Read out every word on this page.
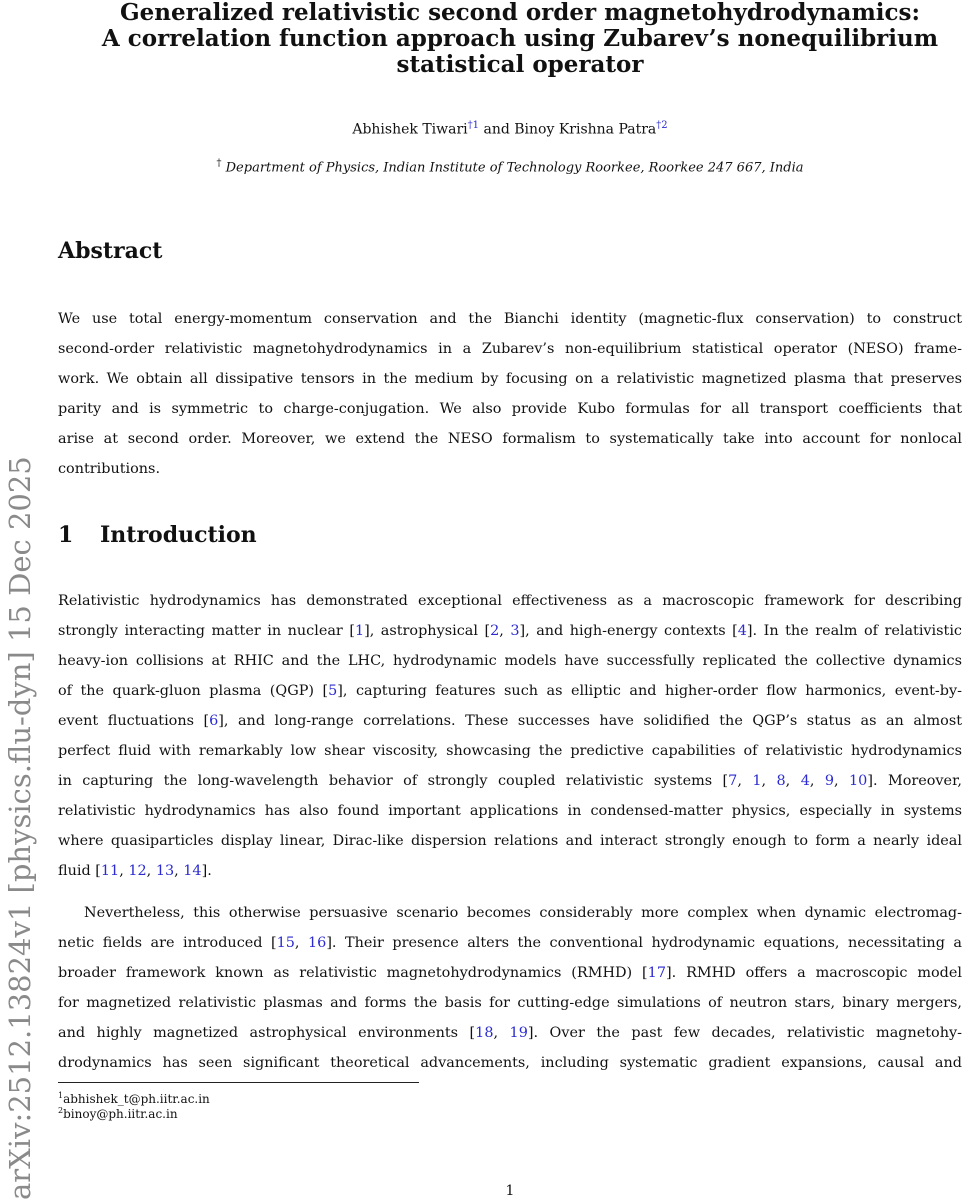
arXiv:2512.13824v1 [physics.flu-dyn] 15 Dec 2025
Generalized relativistic second order magnetohydrodynamics:
A correlation function approach using Zubarev’s nonequilibrium
statistical operator
Abhishek Tiwari$^{\dagger 1}$ and Binoy Krishna Patra$^{\dagger 2}$
† Department of Physics, Indian Institute of Technology Roorkee, Roorkee 247 667, India
Abstract
We use total energy-momentum conservation and the Bianchi identity (magnetic-flux conservation) to construct
second-order relativistic magnetohydrodynamics in a Zubarev’s non-equilibrium statistical operator (NESO) frame-
work. We obtain all dissipative tensors in the medium by focusing on a relativistic magnetized plasma that preserves
parity and is symmetric to charge-conjugation. We also provide Kubo formulas for all transport coefficients that
arise at second order. Moreover, we extend the NESO formalism to systematically take into account for nonlocal
contributions.
1 Introduction
Relativistic hydrodynamics has demonstrated exceptional effectiveness as a macroscopic framework for describing
strongly interacting matter in nuclear [1], astrophysical [2, 3], and high-energy contexts [4]. In the realm of relativistic
heavy-ion collisions at RHIC and the LHC, hydrodynamic models have successfully replicated the collective dynamics
of the quark-gluon plasma (QGP) [5], capturing features such as elliptic and higher-order flow harmonics, event-by-
event fluctuations [6], and long-range correlations. These successes have solidified the QGP’s status as an almost
perfect fluid with remarkably low shear viscosity, showcasing the predictive capabilities of relativistic hydrodynamics
in capturing the long-wavelength behavior of strongly coupled relativistic systems [7, 1, 8, 4, 9, 10]. Moreover,
relativistic hydrodynamics has also found important applications in condensed-matter physics, especially in systems
where quasiparticles display linear, Dirac-like dispersion relations and interact strongly enough to form a nearly ideal
fluid [11, 12, 13, 14].
Nevertheless, this otherwise persuasive scenario becomes considerably more complex when dynamic electromag-
netic fields are introduced [15, 16]. Their presence alters the conventional hydrodynamic equations, necessitating a
broader framework known as relativistic magnetohydrodynamics (RMHD) [17]. RMHD offers a macroscopic model
for magnetized relativistic plasmas and forms the basis for cutting-edge simulations of neutron stars, binary mergers,
and highly magnetized astrophysical environments [18, 19]. Over the past few decades, relativistic magnetohy-
drodynamics has seen significant theoretical advancements, including systematic gradient expansions, causal and
$^1$abhishek_t@ph.iitr.ac.in
$^2$binoy@ph.iitr.ac.in
1
